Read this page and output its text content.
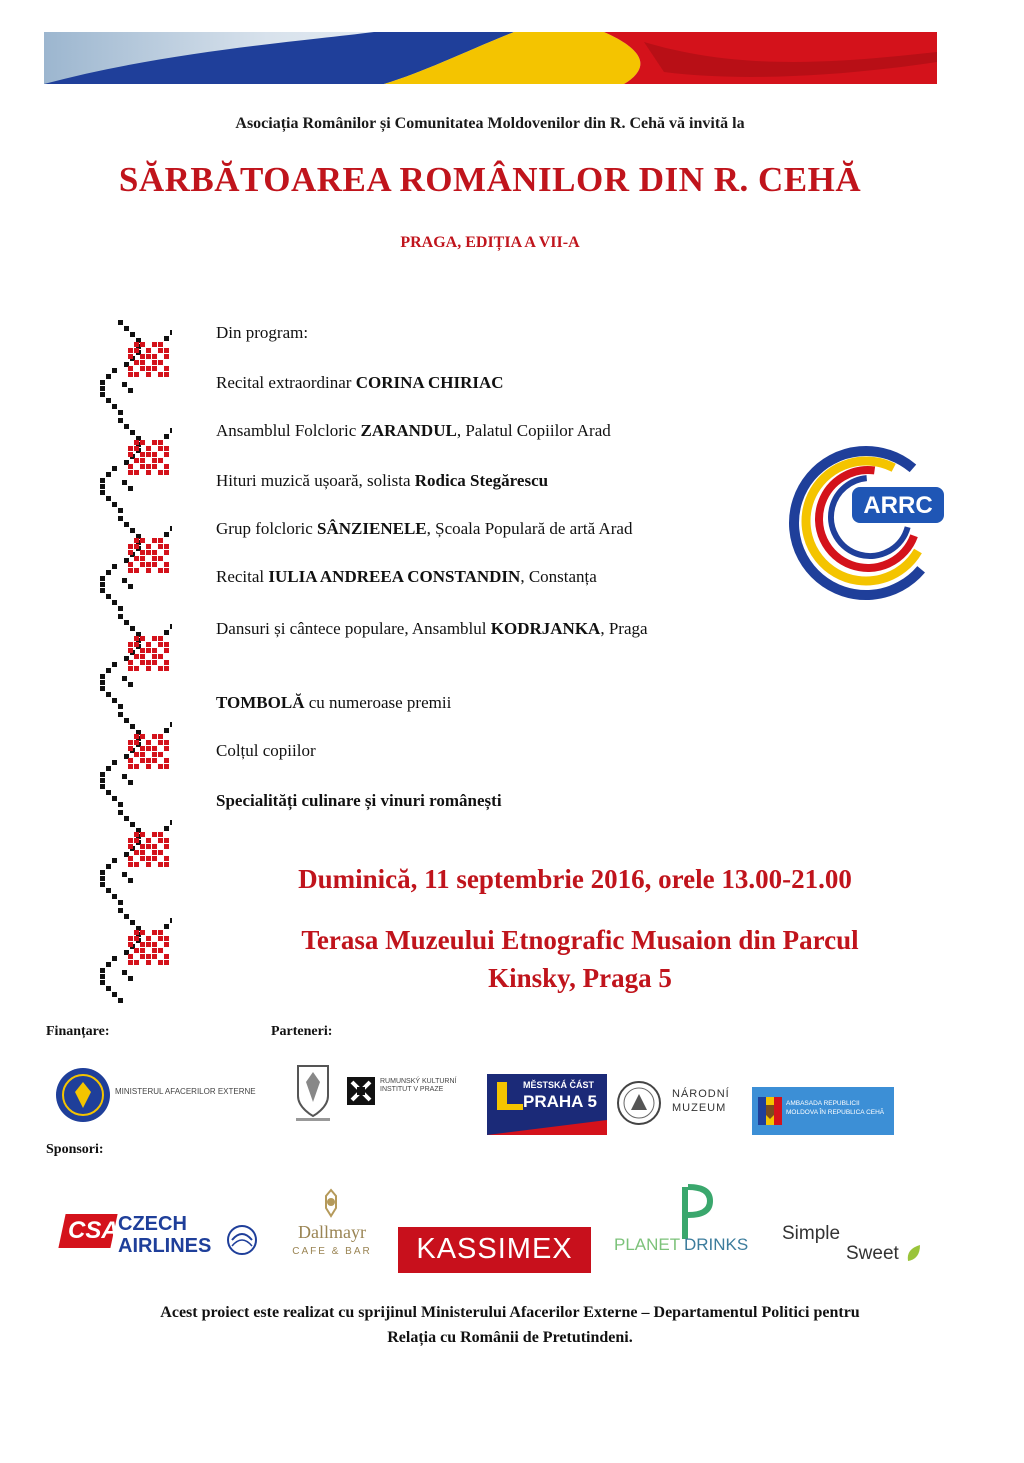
Asociația Românilor și Comunitatea Moldovenilor din R. Cehă vă invită la
SĂRBĂTOAREA ROMÂNILOR DIN R. CEHĂ
PRAGA, EDIȚIA A VII-A

Din program:

Recital extraordinar CORINA CHIRIAC

Ansamblul Folcloric ZARANDUL, Palatul Copiilor Arad

Hituri muzică ușoară, solista Rodica Stegărescu

Grup folcloric SÂNZIENELE, Școala Populară de artă Arad

Recital IULIA ANDREEA CONSTANDIN, Constanța

Dansuri și cântece populare, Ansamblul KODRJANKA, Praga

TOMBOLĂ cu numeroase premii

Colțul copiilor

Specialități culinare și vinuri românești

ARRC
Duminică, 11 septembrie 2016, orele 13.00-21.00
Terasa Muzeului Etnografic Musaion din Parcul
Kinsky, Praga 5
Finanțare:	Parteneri:
MINISTERUL AFACERILOR EXTERNE
RUMUNSKÝ KULTURNÍ INSTITUT V PRAZE	MĚSTSKÁ ČÁST
PRAHA 5	NÁRODNÍ
MUZEUM	AMBASADA REPUBLICII MOLDOVA ÎN REPUBLICA CEHĂ
Sponsori:
CSA CZECH
AIRLINES
Dallmayr
CAFE & BAR	KASSIMEX	PLANET DRINKS
Simple
Sweet
Acest proiect este realizat cu sprijinul Ministerului Afacerilor Externe – Departamentul Politici pentru
Relația cu Românii de Pretutindeni.
